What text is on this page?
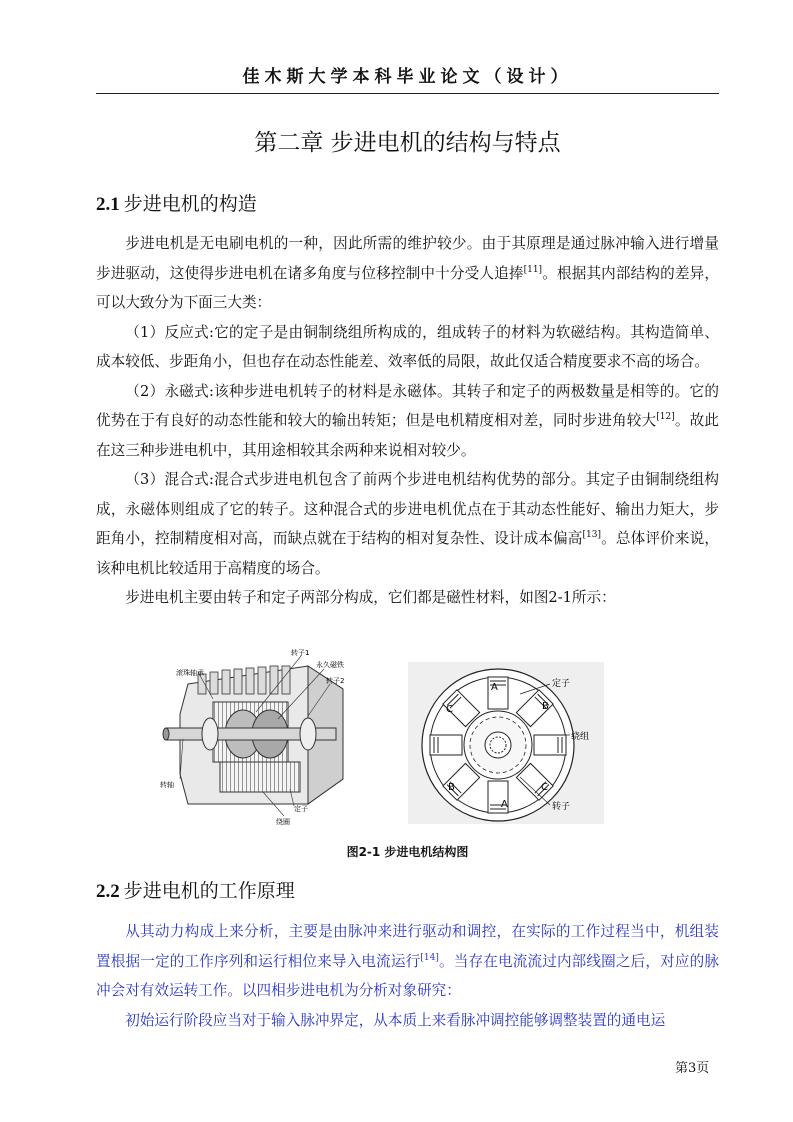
佳木斯大学本科毕业论文（设计）
第二章 步进电机的结构与特点
2.1 步进电机的构造

步进电机是无电刷电机的一种，因此所需的维护较少。由于其原理是通过脉冲输入进行增量步进驱动，这使得步进电机在诸多角度与位移控制中十分受人追捧[11]。根据其内部结构的差异，可以大致分为下面三大类：

（1）反应式:它的定子是由铜制绕组所构成的，组成转子的材料为软磁结构。其构造简单、成本较低、步距角小，但也存在动态性能差、效率低的局限，故此仅适合精度要求不高的场合。

（2）永磁式:该种步进电机转子的材料是永磁体。其转子和定子的两极数量是相等的。它的优势在于有良好的动态性能和较大的输出转矩；但是电机精度相对差，同时步进角较大[12]。故此在这三种步进电机中，其用途相较其余两种来说相对较少。

（3）混合式:混合式步进电机包含了前两个步进电机结构优势的部分。其定子由铜制绕组构成，永磁体则组成了它的转子。这种混合式的步进电机优点在于其动态性能好、输出力矩大，步距角小，控制精度相对高，而缺点就在于结构的相对复杂性、设计成本偏高[13]。总体评价来说，该种电机比较适用于高精度的场合。

步进电机主要由转子和定子两部分构成，它们都是磁性材料，如图2-1所示：

滚珠轴承
转子1
永久磁铁
转子2
转轴
定子
绕圈
A
B
C
C
B
A
定子
绕组
转子
图2-1 步进电机结构图
2.2 步进电机的工作原理

从其动力构成上来分析，主要是由脉冲来进行驱动和调控，在实际的工作过程当中，机组装置根据一定的工作序列和运行相位来导入电流运行[14]。当存在电流流过内部线圈之后，对应的脉冲会对有效运转工作。以四相步进电机为分析对象研究：

初始运行阶段应当对于输入脉冲界定，从本质上来看脉冲调控能够调整装置的通电运

第3页
